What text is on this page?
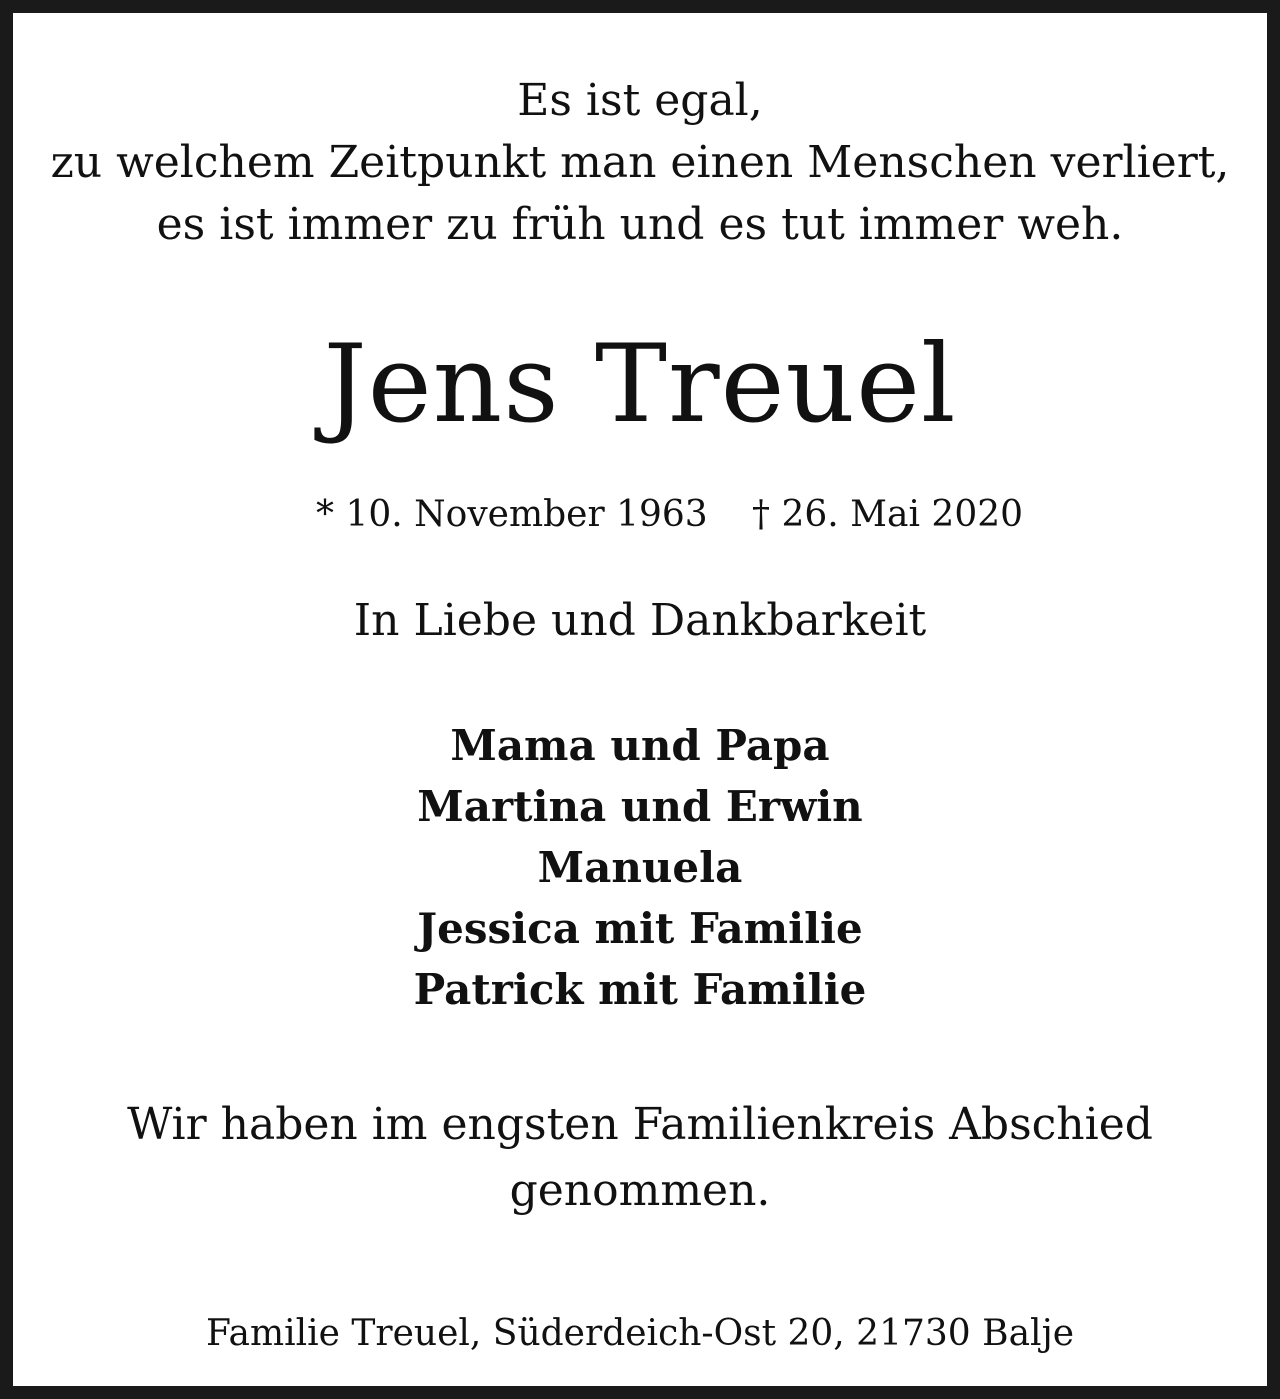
Es ist egal,
zu welchem Zeitpunkt man einen Menschen verliert,
es ist immer zu früh und es tut immer weh.
Jens Treuel
* 10. November 1963 † 26. Mai 2020
In Liebe und Dankbarkeit
Mama und Papa
Martina und Erwin
Manuela
Jessica mit Familie
Patrick mit Familie
Wir haben im engsten Familienkreis Abschied
genommen.
Familie Treuel, Süderdeich-Ost 20, 21730 Balje
